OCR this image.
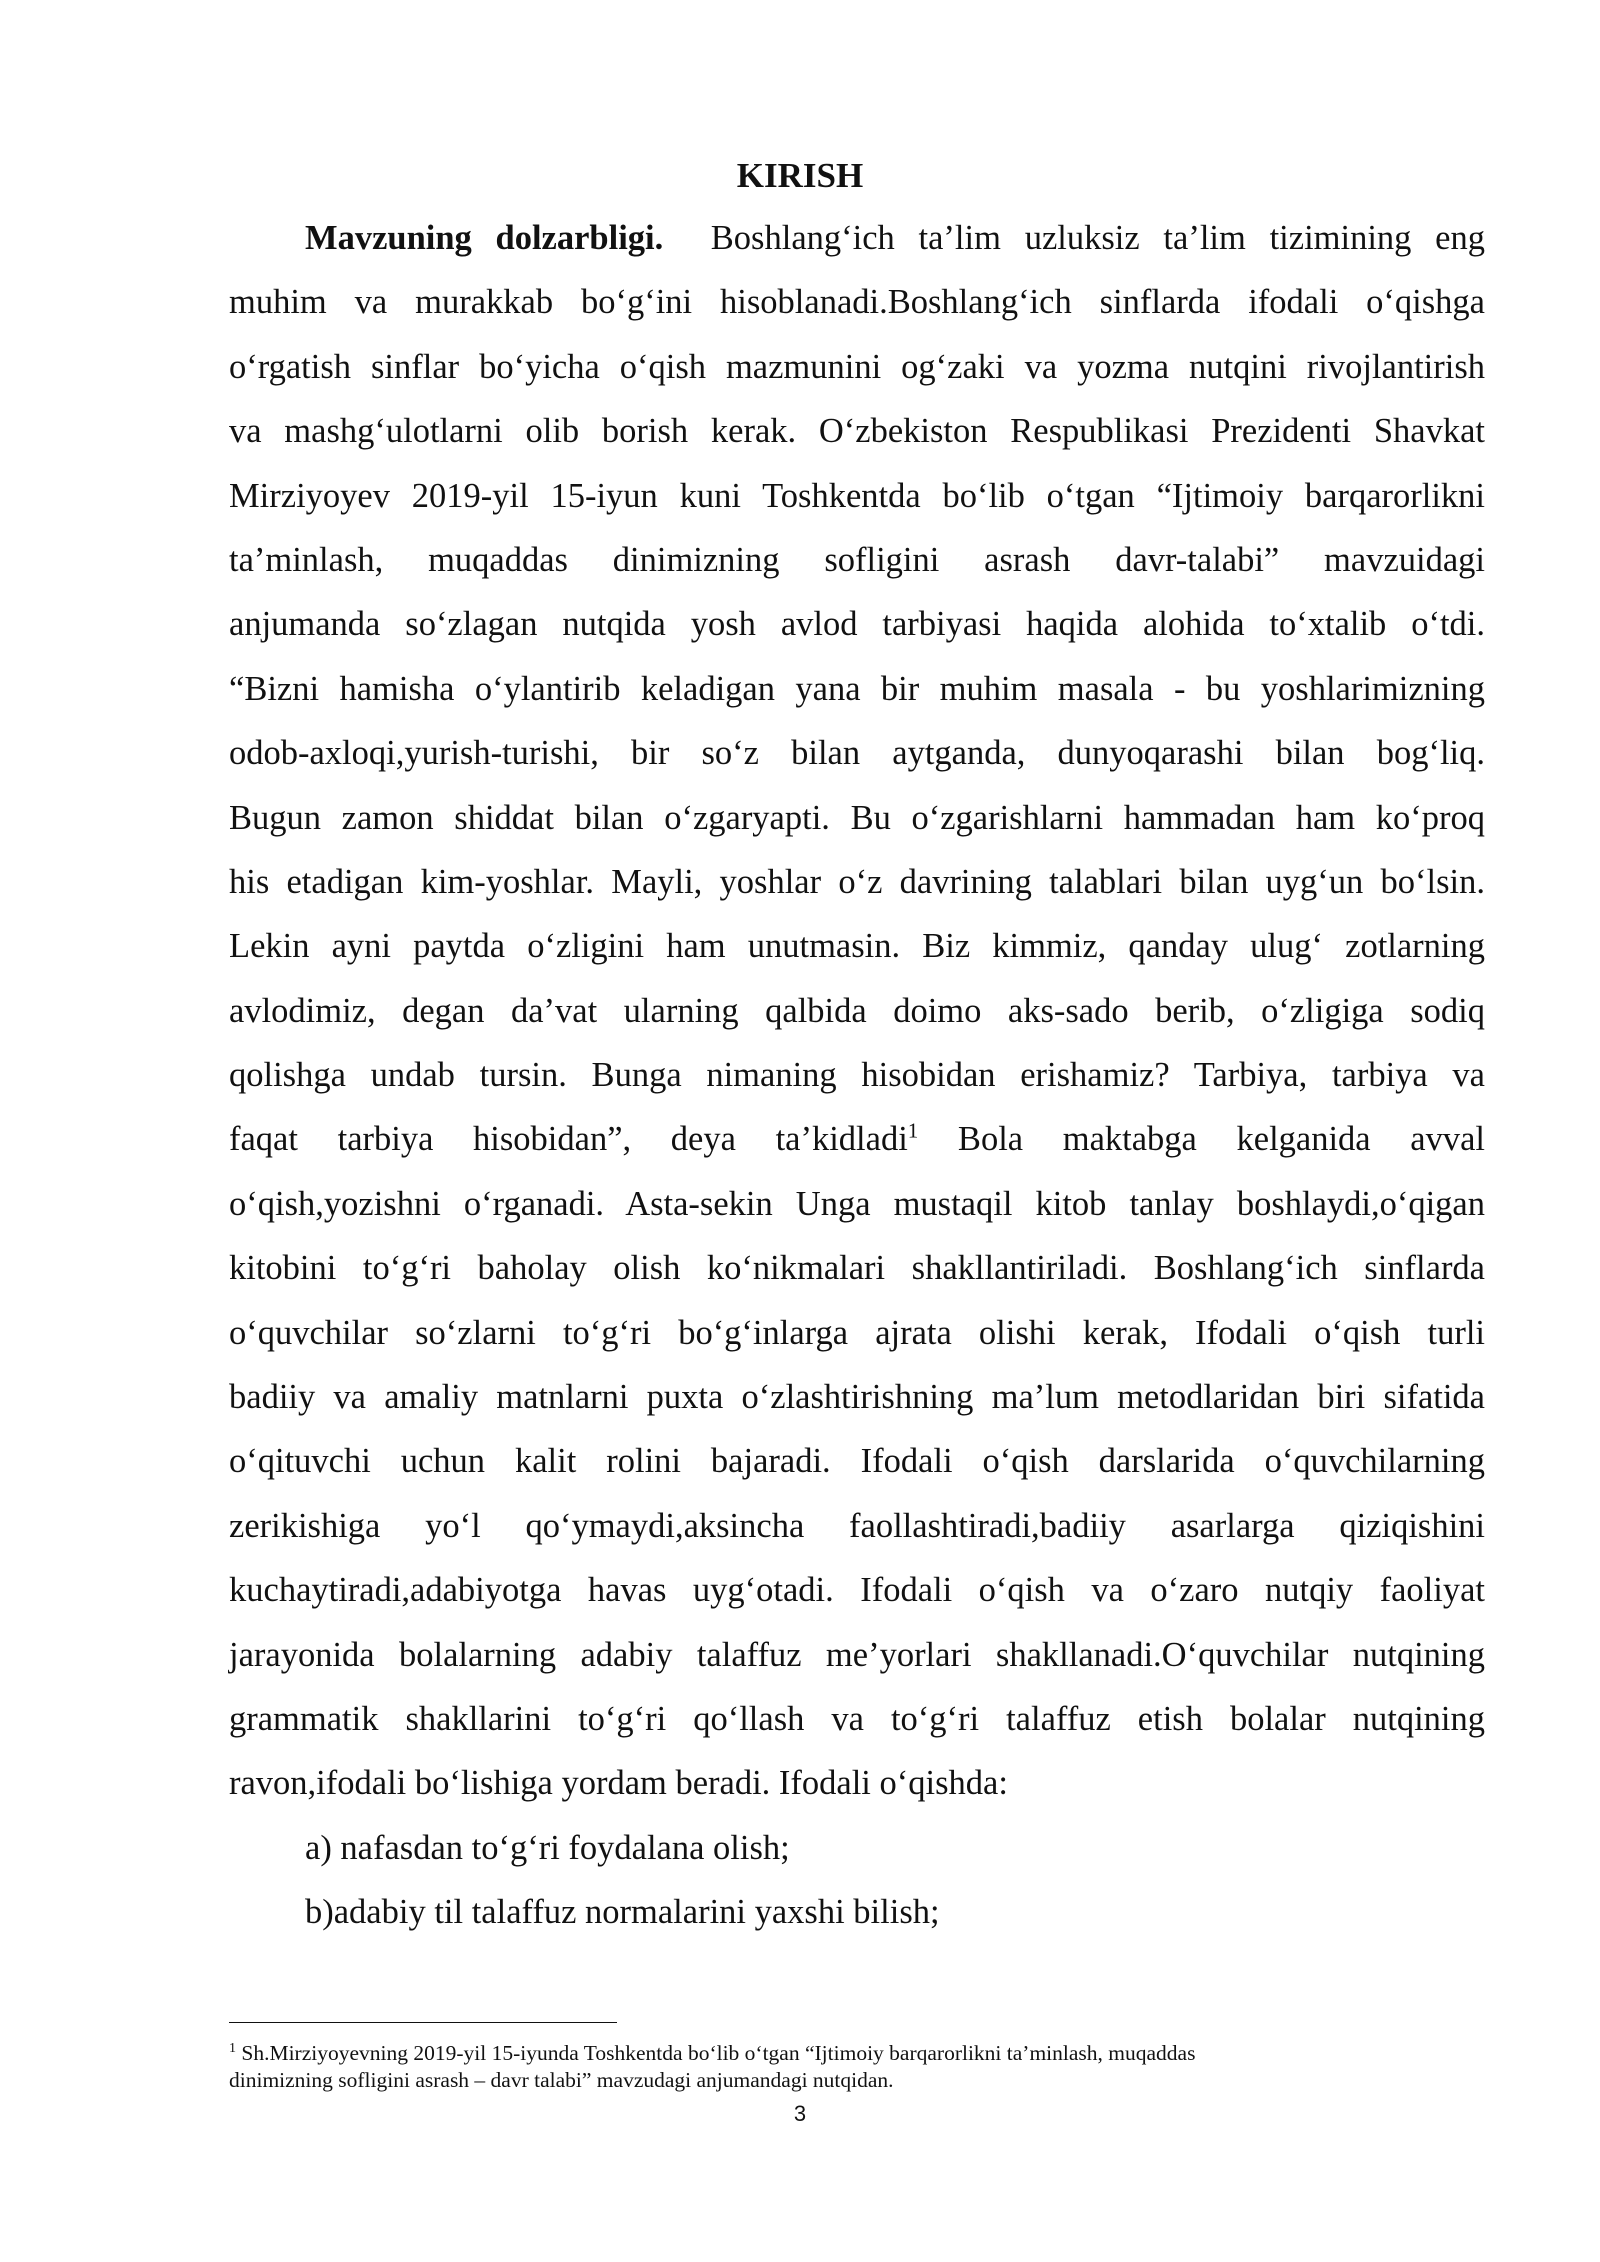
KIRISH
Mavzuning dolzarbligi. Boshlang‘ich ta’lim uzluksiz ta’lim tizimining eng
muhim va murakkab bo‘g‘ini hisoblanadi.Boshlang‘ich sinflarda ifodali o‘qishga
o‘rgatish sinflar bo‘yicha o‘qish mazmunini og‘zaki va yozma nutqini rivojlantirish
va mashg‘ulotlarni olib borish kerak. O‘zbekiston Respublikasi Prezidenti Shavkat
Mirziyoyev 2019-yil 15-iyun kuni Toshkentda bo‘lib o‘tgan “Ijtimoiy barqarorlikni
ta’minlash, muqaddas dinimizning sofligini asrash davr-talabi” mavzuidagi
anjumanda so‘zlagan nutqida yosh avlod tarbiyasi haqida alohida to‘xtalib o‘tdi.
“Bizni hamisha o‘ylantirib keladigan yana bir muhim masala - bu yoshlarimizning
odob-axloqi,yurish-turishi, bir so‘z bilan aytganda, dunyoqarashi bilan bog‘liq.
Bugun zamon shiddat bilan o‘zgaryapti. Bu o‘zgarishlarni hammadan ham ko‘proq
his etadigan kim-yoshlar. Mayli, yoshlar o‘z davrining talablari bilan uyg‘un bo‘lsin.
Lekin ayni paytda o‘zligini ham unutmasin. Biz kimmiz, qanday ulug‘ zotlarning
avlodimiz, degan da’vat ularning qalbida doimo aks-sado berib, o‘zligiga sodiq
qolishga undab tursin. Bunga nimaning hisobidan erishamiz? Tarbiya, tarbiya va
faqat tarbiya hisobidan”, deya ta’kidladi$^1$ Bola maktabga kelganida avval
o‘qish,yozishni o‘rganadi. Asta-sekin Unga mustaqil kitob tanlay boshlaydi,o‘qigan
kitobini to‘g‘ri baholay olish ko‘nikmalari shakllantiriladi. Boshlang‘ich sinflarda
o‘quvchilar so‘zlarni to‘g‘ri bo‘g‘inlarga ajrata olishi kerak, Ifodali o‘qish turli
badiiy va amaliy matnlarni puxta o‘zlashtirishning ma’lum metodlaridan biri sifatida
o‘qituvchi uchun kalit rolini bajaradi. Ifodali o‘qish darslarida o‘quvchilarning
zerikishiga yo‘l qo‘ymaydi,aksincha faollashtiradi,badiiy asarlarga qiziqishini
kuchaytiradi,adabiyotga havas uyg‘otadi. Ifodali o‘qish va o‘zaro nutqiy faoliyat
jarayonida bolalarning adabiy talaffuz me’yorlari shakllanadi.O‘quvchilar nutqining
grammatik shakllarini to‘g‘ri qo‘llash va to‘g‘ri talaffuz etish bolalar nutqining
ravon,ifodali bo‘lishiga yordam beradi. Ifodali o‘qishda:
a) nafasdan to‘g‘ri foydalana olish;
b)adabiy til talaffuz normalarini yaxshi bilish;
$^1$ Sh.Mirziyoyevning 2019-yil 15-iyunda Toshkentda bo‘lib o‘tgan “Ijtimoiy barqarorlikni ta’minlash, muqaddas
dinimizning sofligini asrash – davr talabi” mavzudagi anjumandagi nutqidan.
3
